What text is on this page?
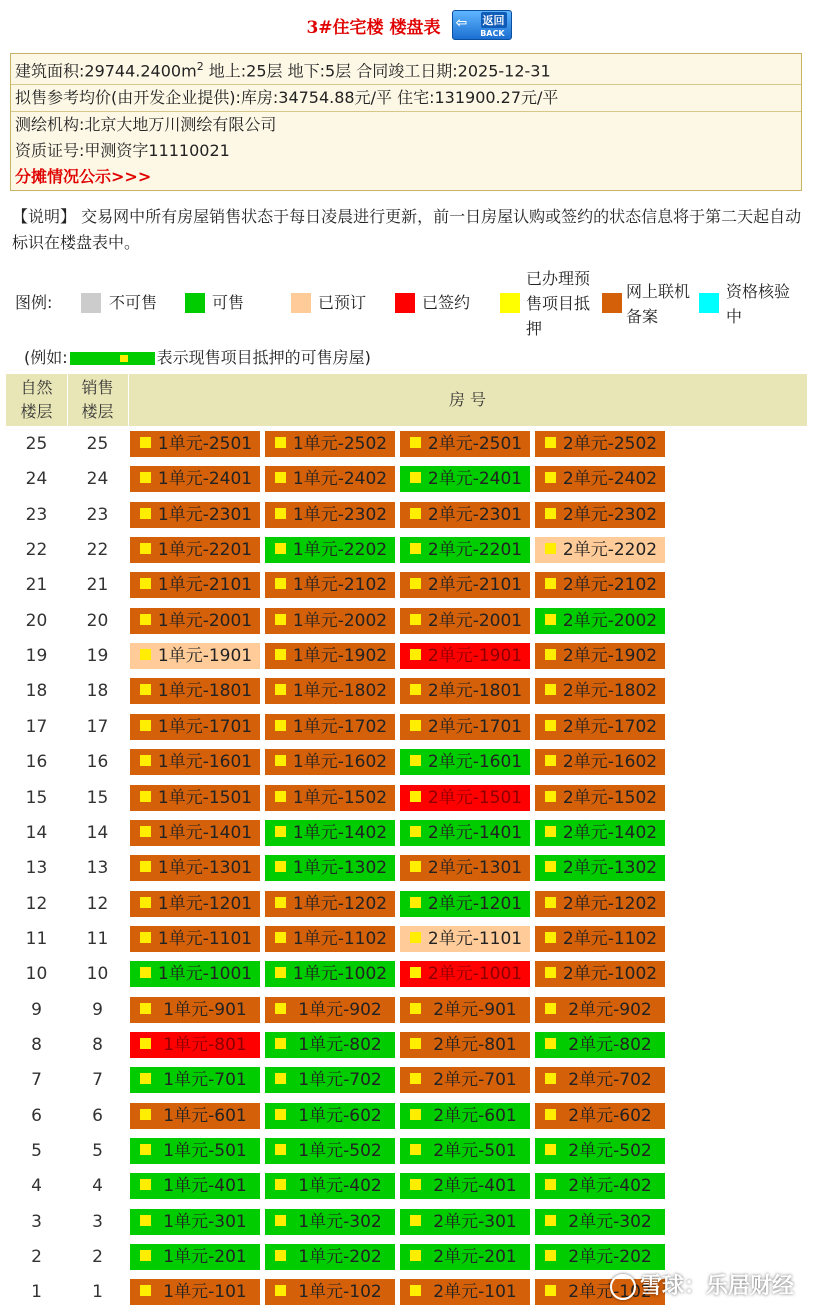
3#住宅楼 楼盘表 ⇦ 返回
BACK
建筑面积$:29744.2400m^2$ 地上:25层 地下:5层 合同竣工日期:2025-12-31
拟售参考均价(由开发企业提供):库房:34754.88元/平 住宅:131900.27元/平
测绘机构:北京大地万川测绘有限公司
资质证号:甲测资字11110021
分摊情况公示>>>
【说明】 交易网中所有房屋销售状态于每日凌晨进行更新，前一日房屋认购或签约的状态信息将于第二天起自动标识在楼盘表中。
图例:	不可售	可售	已预订	已签约
已办理预售项目抵押
网上联机备案
资格核验中
(例如:	表示现售项目抵押的可售房屋)
自然
楼层
销售
楼层
房 号
25	25	1单元-2501	1单元-2502	2单元-2501	2单元-2502
24	24	1单元-2401	1单元-2402	2单元-2401	2单元-2402
23	23	1单元-2301	1单元-2302	2单元-2301	2单元-2302
22	22	1单元-2201	1单元-2202	2单元-2201	2单元-2202
21	21	1单元-2101	1单元-2102	2单元-2101	2单元-2102
20	20	1单元-2001	1单元-2002	2单元-2001	2单元-2002
19	19	1单元-1901	1单元-1902	2单元-1901	2单元-1902
18	18	1单元-1801	1单元-1802	2单元-1801	2单元-1802
17	17	1单元-1701	1单元-1702	2单元-1701	2单元-1702
16	16	1单元-1601	1单元-1602	2单元-1601	2单元-1602
15	15	1单元-1501	1单元-1502	2单元-1501	2单元-1502
14	14	1单元-1401	1单元-1402	2单元-1401	2单元-1402
13	13	1单元-1301	1单元-1302	2单元-1301	2单元-1302
12	12	1单元-1201	1单元-1202	2单元-1201	2单元-1202
11	11	1单元-1101	1单元-1102	2单元-1101	2单元-1102
10	10	1单元-1001	1单元-1002	2单元-1001	2单元-1002
9	9	1单元-901	1单元-902	2单元-901	2单元-902
8	8	1单元-801	1单元-802	2单元-801	2单元-802
7	7	1单元-701	1单元-702	2单元-701	2单元-702
6	6	1单元-601	1单元-602	2单元-601	2单元-602
5	5	1单元-501	1单元-502	2单元-501	2单元-502
4	4	1单元-401	1单元-402	2单元-401	2单元-402
3	3	1单元-301	1单元-302	2单元-301	2单元-302
2	2	1单元-201	1单元-202	2单元-201	2单元-202
1	1	1单元-101	1单元-102	2单元-101	2单元-102
雪球：乐居财经
